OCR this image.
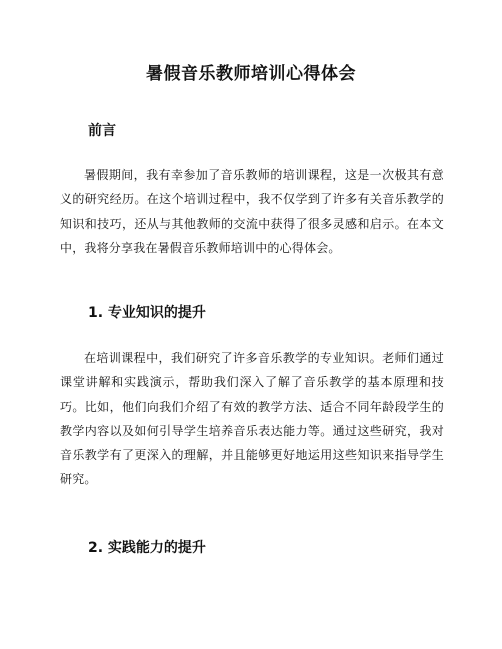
暑假音乐教师培训心得体会
前言
暑假期间，我有幸参加了音乐教师的培训课程，这是一次极其有意义的研究经历。在这个培训过程中，我不仅学到了许多有关音乐教学的知识和技巧，还从与其他教师的交流中获得了很多灵感和启示。在本文中，我将分享我在暑假音乐教师培训中的心得体会。
1. 专业知识的提升
在培训课程中，我们研究了许多音乐教学的专业知识。老师们通过课堂讲解和实践演示，帮助我们深入了解了音乐教学的基本原理和技巧。比如，他们向我们介绍了有效的教学方法、适合不同年龄段学生的教学内容以及如何引导学生培养音乐表达能力等。通过这些研究，我对音乐教学有了更深入的理解，并且能够更好地运用这些知识来指导学生研究。
2. 实践能力的提升
